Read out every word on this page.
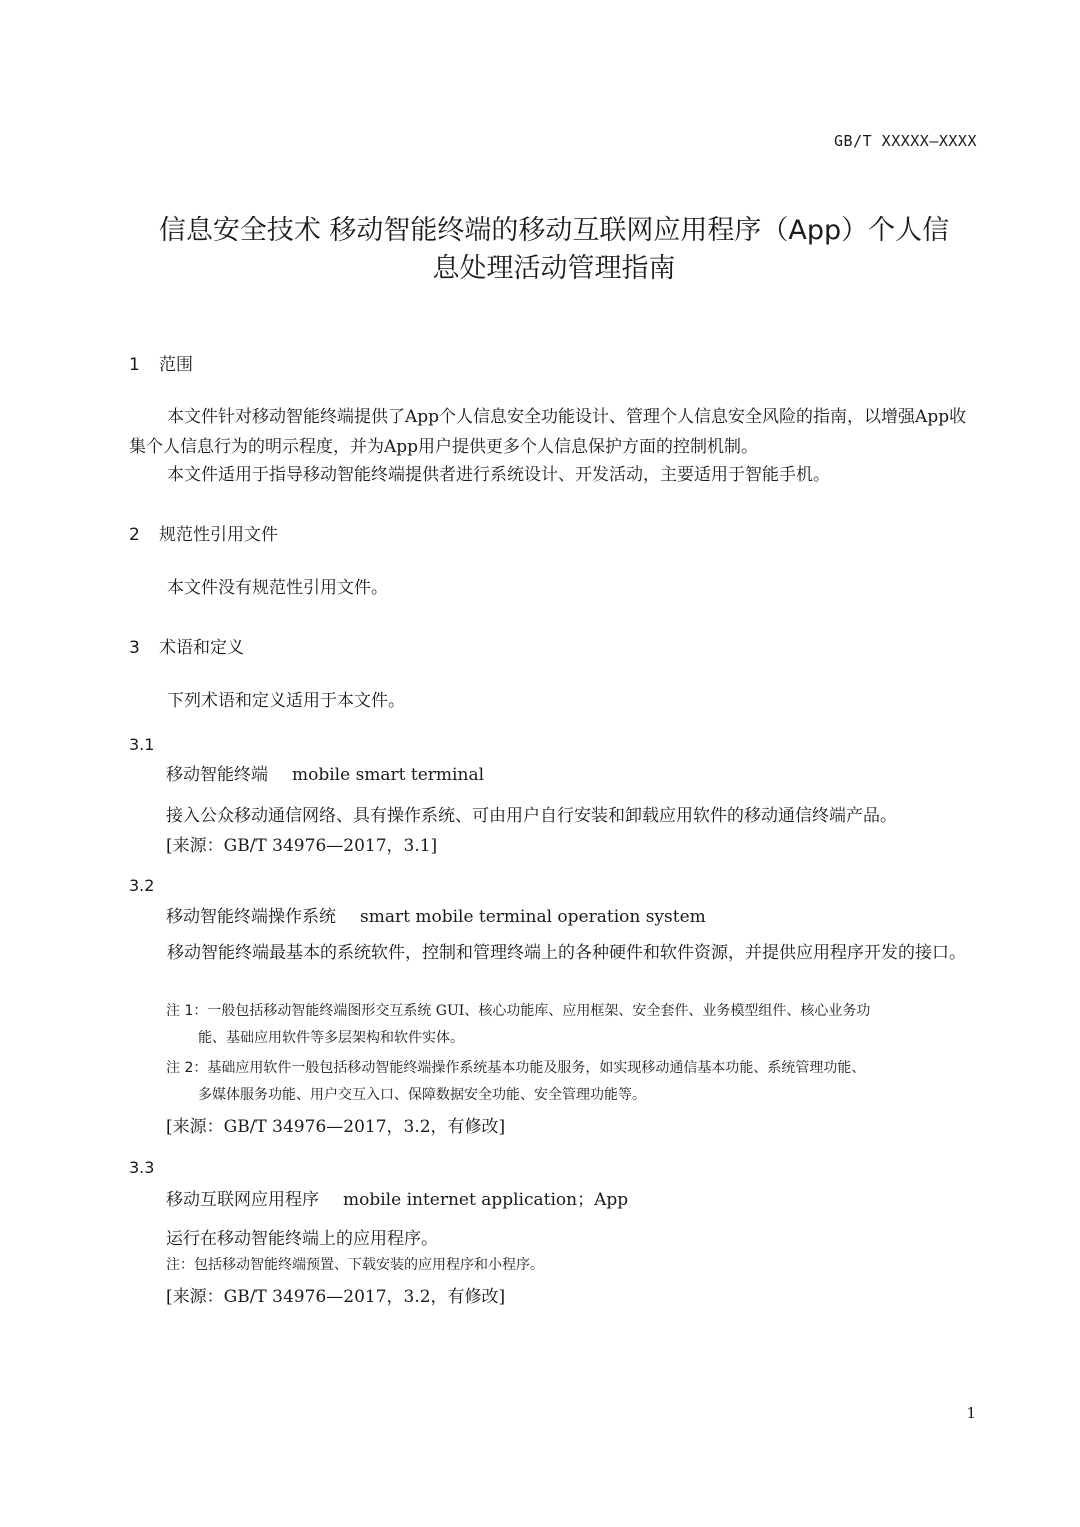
GB/T XXXXX—XXXX
信息安全技术 移动智能终端的移动互联网应用程序（App）个人信
息处理活动管理指南
1 范围
本文件针对移动智能终端提供了App个人信息安全功能设计、管理个人信息安全风险的指南，以增强App收集个人信息行为的明示程度，并为App用户提供更多个人信息保护方面的控制机制。
本文件适用于指导移动智能终端提供者进行系统设计、开发活动，主要适用于智能手机。
2 规范性引用文件
本文件没有规范性引用文件。
3 术语和定义
下列术语和定义适用于本文件。
3.1
移动智能终端 mobile smart terminal
接入公众移动通信网络、具有操作系统、可由用户自行安装和卸载应用软件的移动通信终端产品。
[来源：GB/T 34976—2017，3.1]
3.2
移动智能终端操作系统 smart mobile terminal operation system
移动智能终端最基本的系统软件，控制和管理终端上的各种硬件和软件资源，并提供应用程序开发的接口。
注 1：一般包括移动智能终端图形交互系统 GUI、核心功能库、应用框架、安全套件、业务模型组件、核心业务功
能、基础应用软件等多层架构和软件实体。
注 2：基础应用软件一般包括移动智能终端操作系统基本功能及服务，如实现移动通信基本功能、系统管理功能、
多媒体服务功能、用户交互入口、保障数据安全功能、安全管理功能等。
[来源：GB/T 34976—2017，3.2，有修改]
3.3
移动互联网应用程序 mobile internet application；App
运行在移动智能终端上的应用程序。
注：包括移动智能终端预置、下载安装的应用程序和小程序。
[来源：GB/T 34976—2017，3.2，有修改]
1
